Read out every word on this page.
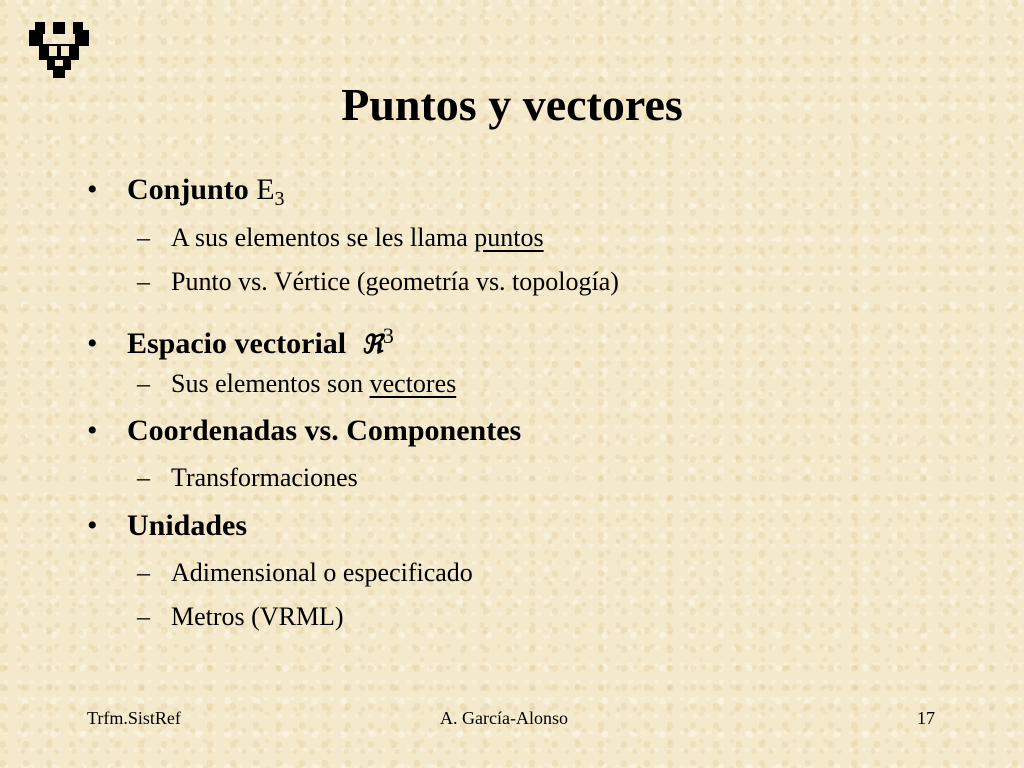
Puntos y vectores
• Conjunto $E_3$
– A sus elementos se les llama puntos
– Punto vs. Vértice (geometría vs. topología)
• Espacio vectorial ℜ$^3$
– Sus elementos son vectores
• Coordenadas vs. Componentes
– Transformaciones
• Unidades
– Adimensional o especificado
– Metros (VRML)
Trfm.SistRef	A. García-Alonso	17
